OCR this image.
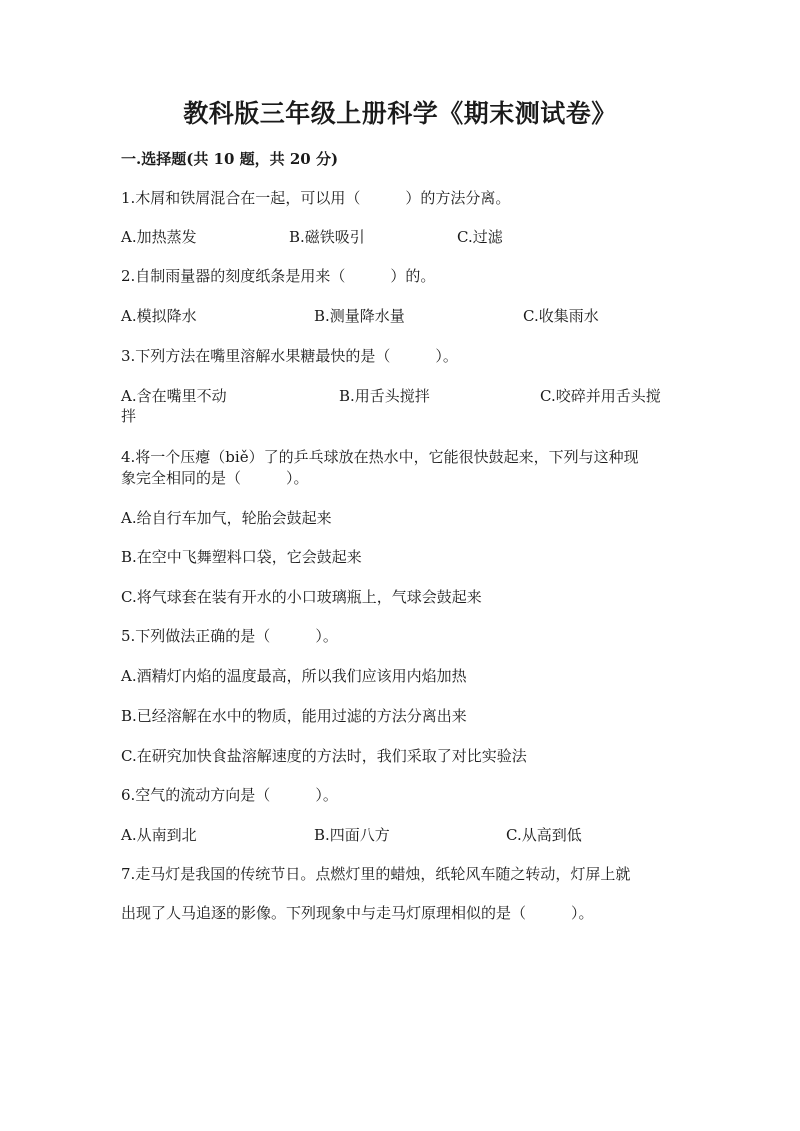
教科版三年级上册科学《期末测试卷》
一.选择题(共 10 题，共 20 分)
1.木屑和铁屑混合在一起，可以用（　　　）的方法分离。
A.加热蒸发	B.磁铁吸引	C.过滤
2.自制雨量器的刻度纸条是用来（　　　）的。
A.模拟降水	B.测量降水量	C.收集雨水
3.下列方法在嘴里溶解水果糖最快的是（　　　）。
A.含在嘴里不动	B.用舌头搅拌	C.咬碎并用舌头搅
拌
4.将一个压瘪（biě）了的乒乓球放在热水中，它能很快鼓起来，下列与这种现
象完全相同的是（　　　）。
A.给自行车加气，轮胎会鼓起来
B.在空中飞舞塑料口袋，它会鼓起来
C.将气球套在装有开水的小口玻璃瓶上，气球会鼓起来
5.下列做法正确的是（　　　）。
A.酒精灯内焰的温度最高，所以我们应该用内焰加热
B.已经溶解在水中的物质，能用过滤的方法分离出来
C.在研究加快食盐溶解速度的方法时，我们采取了对比实验法
6.空气的流动方向是（　　　）。
A.从南到北	B.四面八方	C.从高到低
7.走马灯是我国的传统节日。点燃灯里的蜡烛，纸轮风车随之转动，灯屏上就
出现了人马追逐的影像。下列现象中与走马灯原理相似的是（　　　）。
